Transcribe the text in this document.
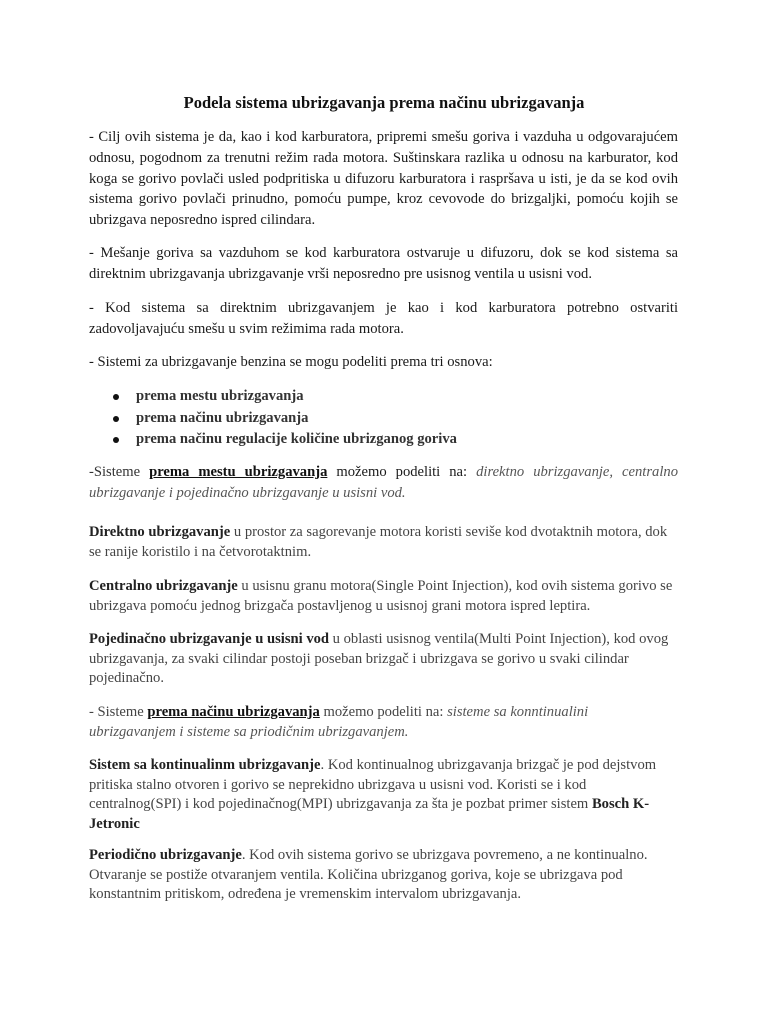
Podela sistema ubrizgavanja prema načinu ubrizgavanja

- Cilj ovih sistema je da, kao i kod karburatora, pripremi smešu goriva i vazduha u odgovarajućem odnosu, pogodnom za trenutni režim rada motora. Suštinskara razlika u odnosu na karburator, kod koga se gorivo povlači usled podpritiska u difuzoru karburatora i raspršava u isti, je da se kod ovih sistema gorivo povlači prinudno, pomoću pumpe, kroz cevovode do brizgaljki, pomoću kojih se ubrizgava neposredno ispred cilindara.

- Mešanje goriva sa vazduhom se kod karburatora ostvaruje u difuzoru, dok se kod sistema sa direktnim ubrizgavanja ubrizgavanje vrši neposredno pre usisnog ventila u usisni vod.

- Kod sistema sa direktnim ubrizgavanjem je kao i kod karburatora potrebno ostvariti zadovoljavajuću smešu u svim režimima rada motora.

- Sistemi za ubrizgavanje benzina se mogu podeliti prema tri osnova:

prema mestu ubrizgavanja
prema načinu ubrizgavanja
prema načinu regulacije količine ubrizganog goriva

-Sisteme prema mestu ubrizgavanja možemo podeliti na: direktno ubrizgavanje, centralno ubrizgavanje i pojedinačno ubrizgavanje u usisni vod.

Direktno ubrizgavanje u prostor za sagorevanje motora koristi seviše kod dvotaktnih motora, dok se ranije koristilo i na četvorotaktnim.

Centralno ubrizgavanje u usisnu granu motora(Single Point Injection), kod ovih sistema gorivo se ubrizgava pomoću jednog brizgača postavljenog u usisnoj grani motora ispred leptira.

Pojedinačno ubrizgavanje u usisni vod u oblasti usisnog ventila(Multi Point Injection), kod ovog ubrizgavanja, za svaki cilindar postoji poseban brizgač i ubrizgava se gorivo u svaki cilindar pojedinačno.

- Sisteme prema načinu ubrizgavanja možemo podeliti na: sisteme sa konntinualini ubrizgavanjem i sisteme sa priodičnim ubrizgavanjem.

Sistem sa kontinualinm ubrizgavanje. Kod kontinualnog ubrizgavanja brizgač je pod dejstvom pritiska stalno otvoren i gorivo se neprekidno ubrizgava u usisni vod. Koristi se i kod centralnog(SPI) i kod pojedinačnog(MPI) ubrizgavanja za šta je pozbat primer sistem Bosch K-Jetronic

Periodično ubrizgavanje. Kod ovih sistema gorivo se ubrizgava povremeno, a ne kontinualno. Otvaranje se postiže otvaranjem ventila. Količina ubrizganog goriva, koje se ubrizgava pod konstantnim pritiskom, određena je vremenskim intervalom ubrizgavanja.
